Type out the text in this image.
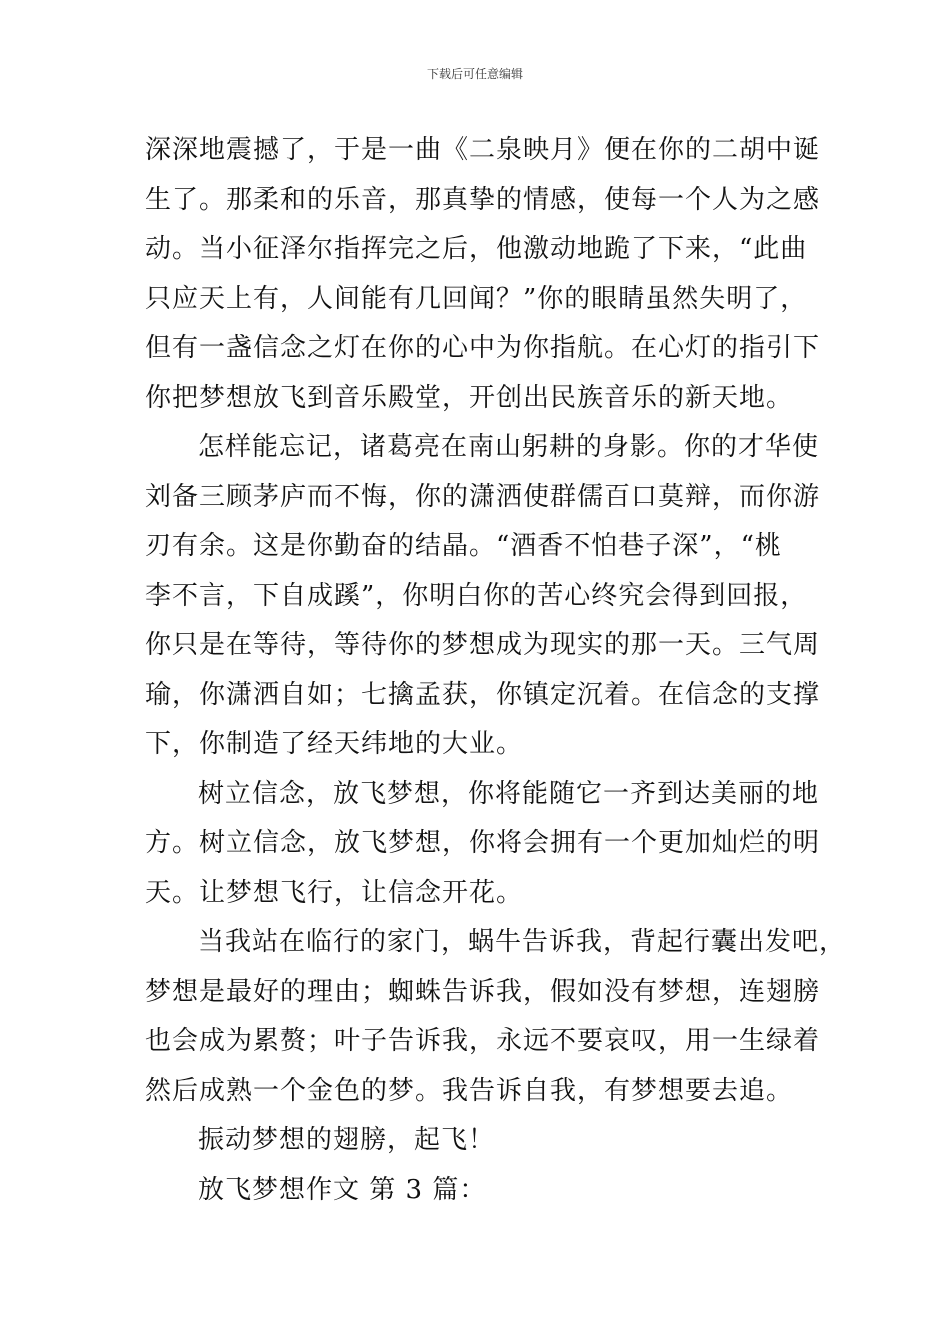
下载后可任意编辑
深深地震撼了，于是一曲《二泉映月》便在你的二胡中诞
生了。那柔和的乐音，那真挚的情感，使每一个人为之感
动。当小征泽尔指挥完之后，他激动地跪了下来，“此曲
只应天上有，人间能有几回闻？”你的眼睛虽然失明了，
但有一盏信念之灯在你的心中为你指航。在心灯的指引下
你把梦想放飞到音乐殿堂，开创出民族音乐的新天地。
怎样能忘记，诸葛亮在南山躬耕的身影。你的才华使
刘备三顾茅庐而不悔，你的潇洒使群儒百口莫辩，而你游
刃有余。这是你勤奋的结晶。“酒香不怕巷子深”，“桃
李不言，下自成蹊”，你明白你的苦心终究会得到回报，
你只是在等待，等待你的梦想成为现实的那一天。三气周
瑜，你潇洒自如；七擒孟获，你镇定沉着。在信念的支撑
下，你制造了经天纬地的大业。
树立信念，放飞梦想，你将能随它一齐到达美丽的地
方。树立信念，放飞梦想，你将会拥有一个更加灿烂的明
天。让梦想飞行，让信念开花。
当我站在临行的家门，蜗牛告诉我，背起行囊出发吧，
梦想是最好的理由；蜘蛛告诉我，假如没有梦想，连翅膀
也会成为累赘；叶子告诉我，永远不要哀叹，用一生绿着
然后成熟一个金色的梦。我告诉自我，有梦想要去追。
振动梦想的翅膀，起飞！
放飞梦想作文 第 3 篇：
